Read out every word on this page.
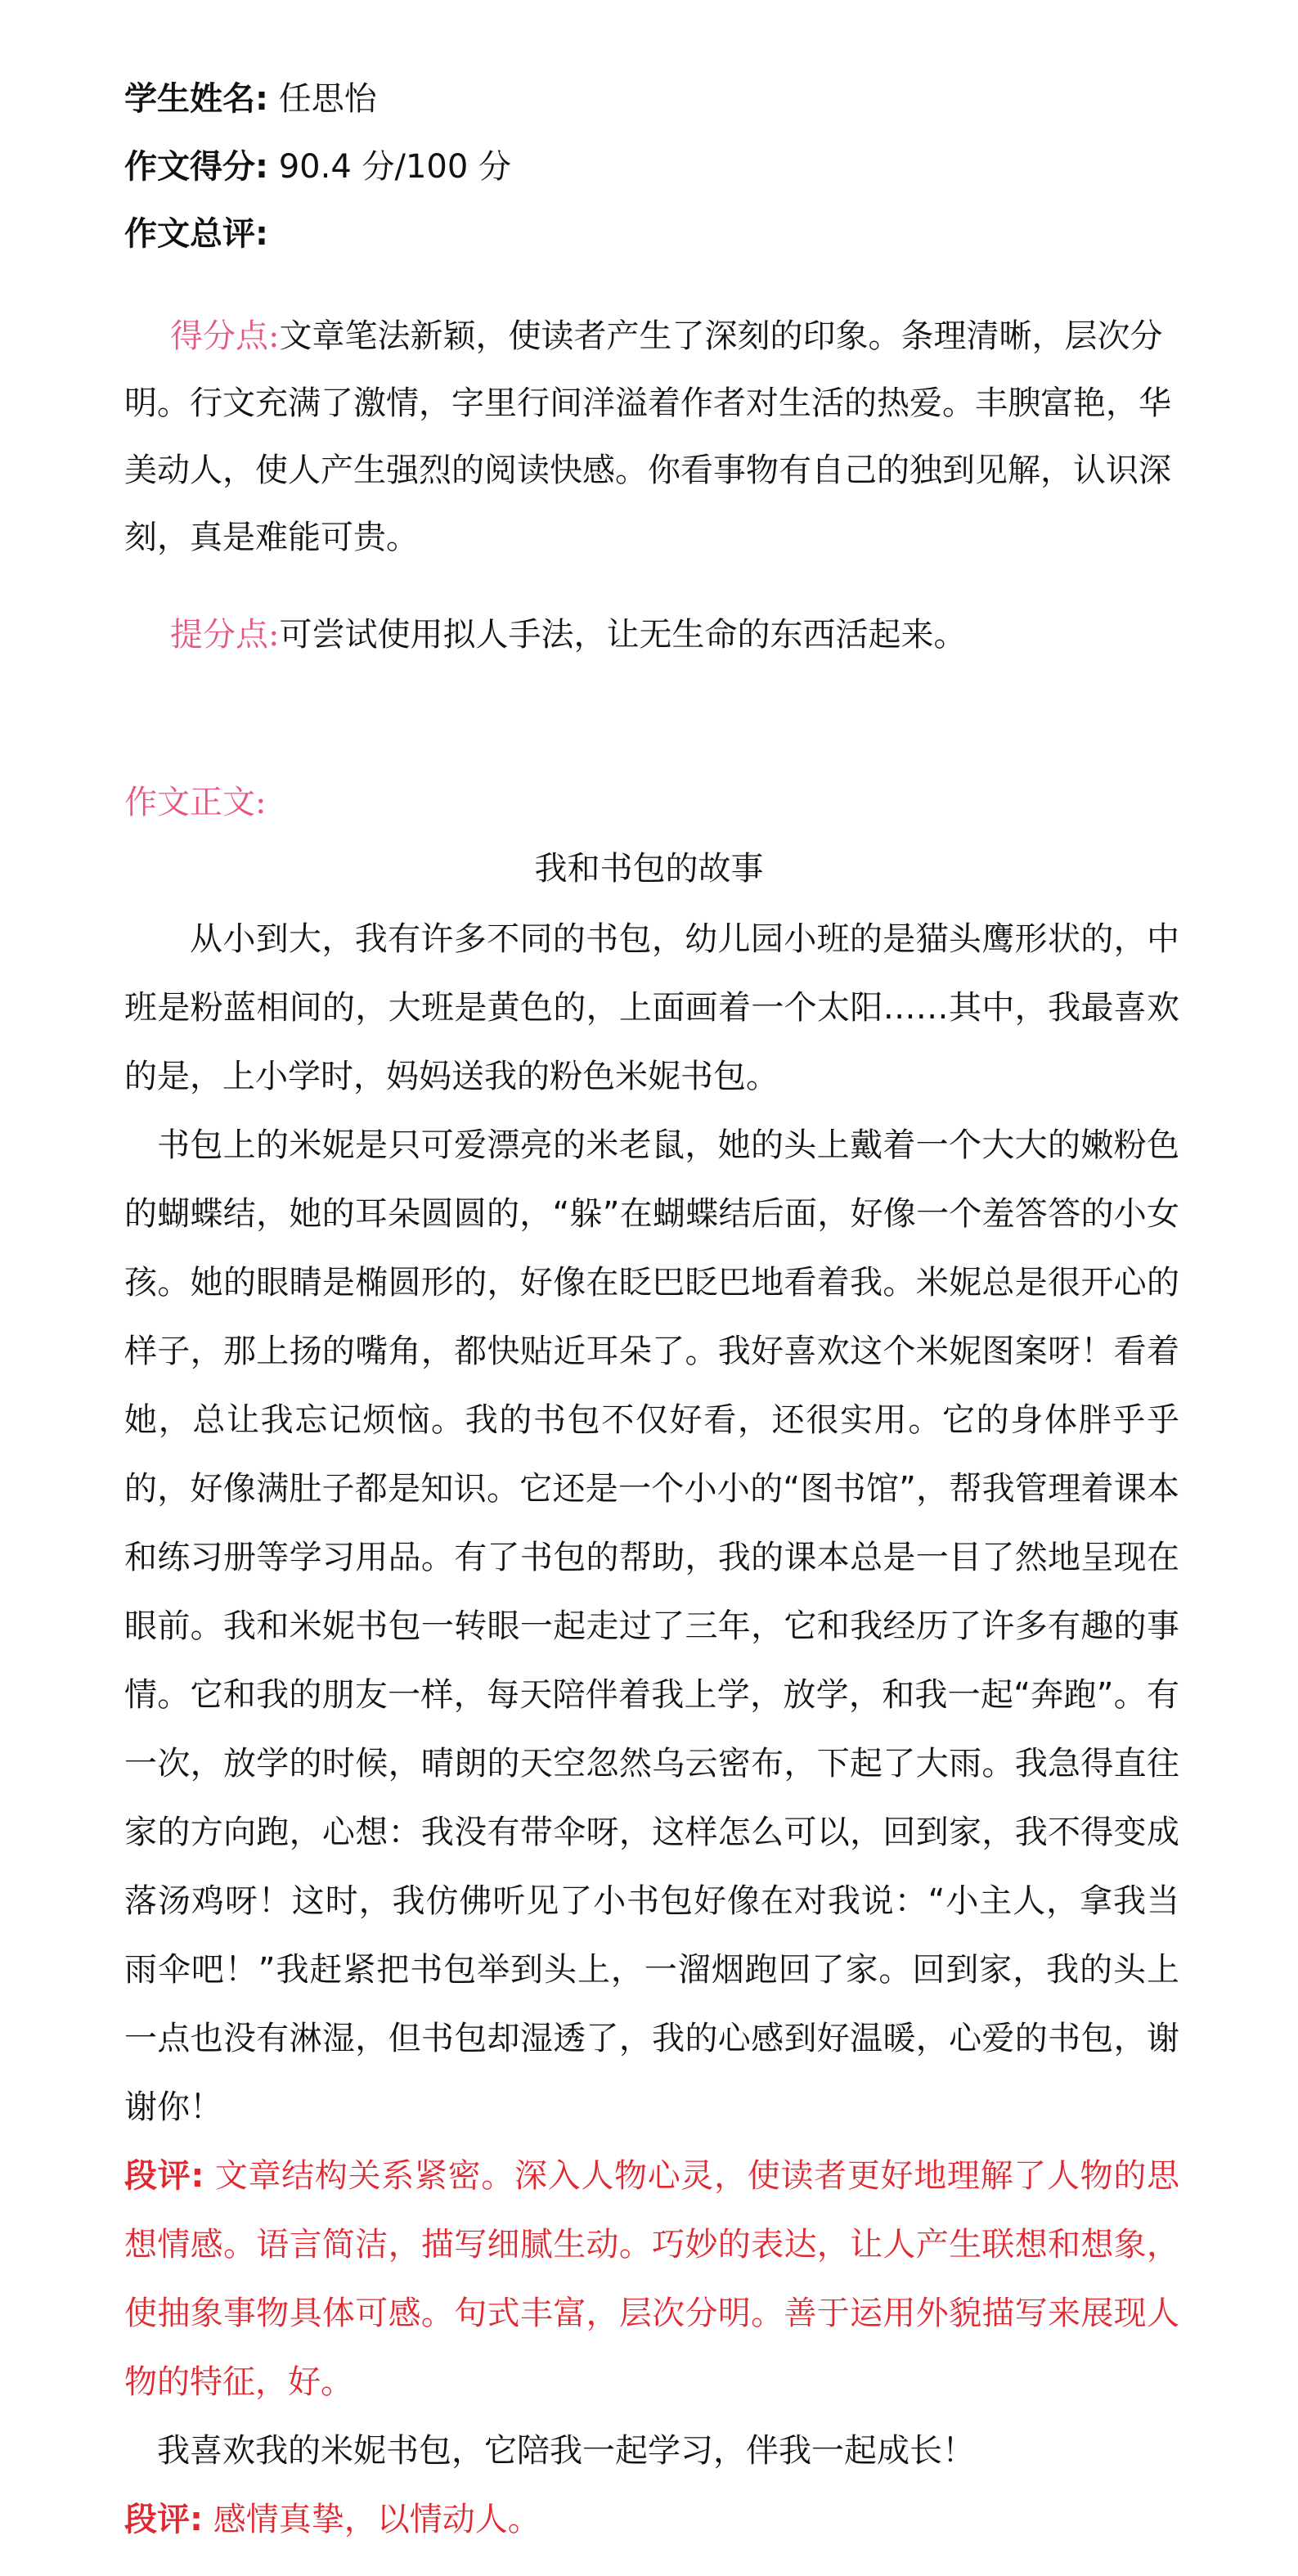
学生姓名: 任思怡
作文得分: 90.4 分/100 分
作文总评:
得分点:文章笔法新颖，使读者产生了深刻的印象。条理清晰，层次分明。行文充满了激情，字里行间洋溢着作者对生活的热爱。丰腴富艳，华美动人，使人产生强烈的阅读快感。你看事物有自己的独到见解，认识深刻，真是难能可贵。
提分点:可尝试使用拟人手法，让无生命的东西活起来。
作文正文:
我和书包的故事

从小到大，我有许多不同的书包，幼儿园小班的是猫头鹰形状的，中班是粉蓝相间的，大班是黄色的，上面画着一个太阳……其中，我最喜欢的是，上小学时，妈妈送我的粉色米妮书包。

书包上的米妮是只可爱漂亮的米老鼠，她的头上戴着一个大大的嫩粉色的蝴蝶结，她的耳朵圆圆的，“躲”在蝴蝶结后面，好像一个羞答答的小女孩。她的眼睛是椭圆形的，好像在眨巴眨巴地看着我。米妮总是很开心的样子，那上扬的嘴角，都快贴近耳朵了。我好喜欢这个米妮图案呀！看着她，总让我忘记烦恼。我的书包不仅好看，还很实用。它的身体胖乎乎的，好像满肚子都是知识。它还是一个小小的“图书馆”，帮我管理着课本和练习册等学习用品。有了书包的帮助，我的课本总是一目了然地呈现在眼前。我和米妮书包一转眼一起走过了三年，它和我经历了许多有趣的事情。它和我的朋友一样，每天陪伴着我上学，放学，和我一起“奔跑”。有一次，放学的时候，晴朗的天空忽然乌云密布，下起了大雨。我急得直往家的方向跑，心想：我没有带伞呀，这样怎么可以，回到家，我不得变成落汤鸡呀！这时，我仿佛听见了小书包好像在对我说：“小主人，拿我当雨伞吧！”我赶紧把书包举到头上，一溜烟跑回了家。回到家，我的头上一点也没有淋湿，但书包却湿透了，我的心感到好温暖，心爱的书包，谢谢你！

段评: 文章结构关系紧密。深入人物心灵，使读者更好地理解了人物的思想情感。语言简洁，描写细腻生动。巧妙的表达，让人产生联想和想象，使抽象事物具体可感。句式丰富，层次分明。善于运用外貌描写来展现人物的特征，好。

我喜欢我的米妮书包，它陪我一起学习，伴我一起成长！

段评: 感情真挚，以情动人。
